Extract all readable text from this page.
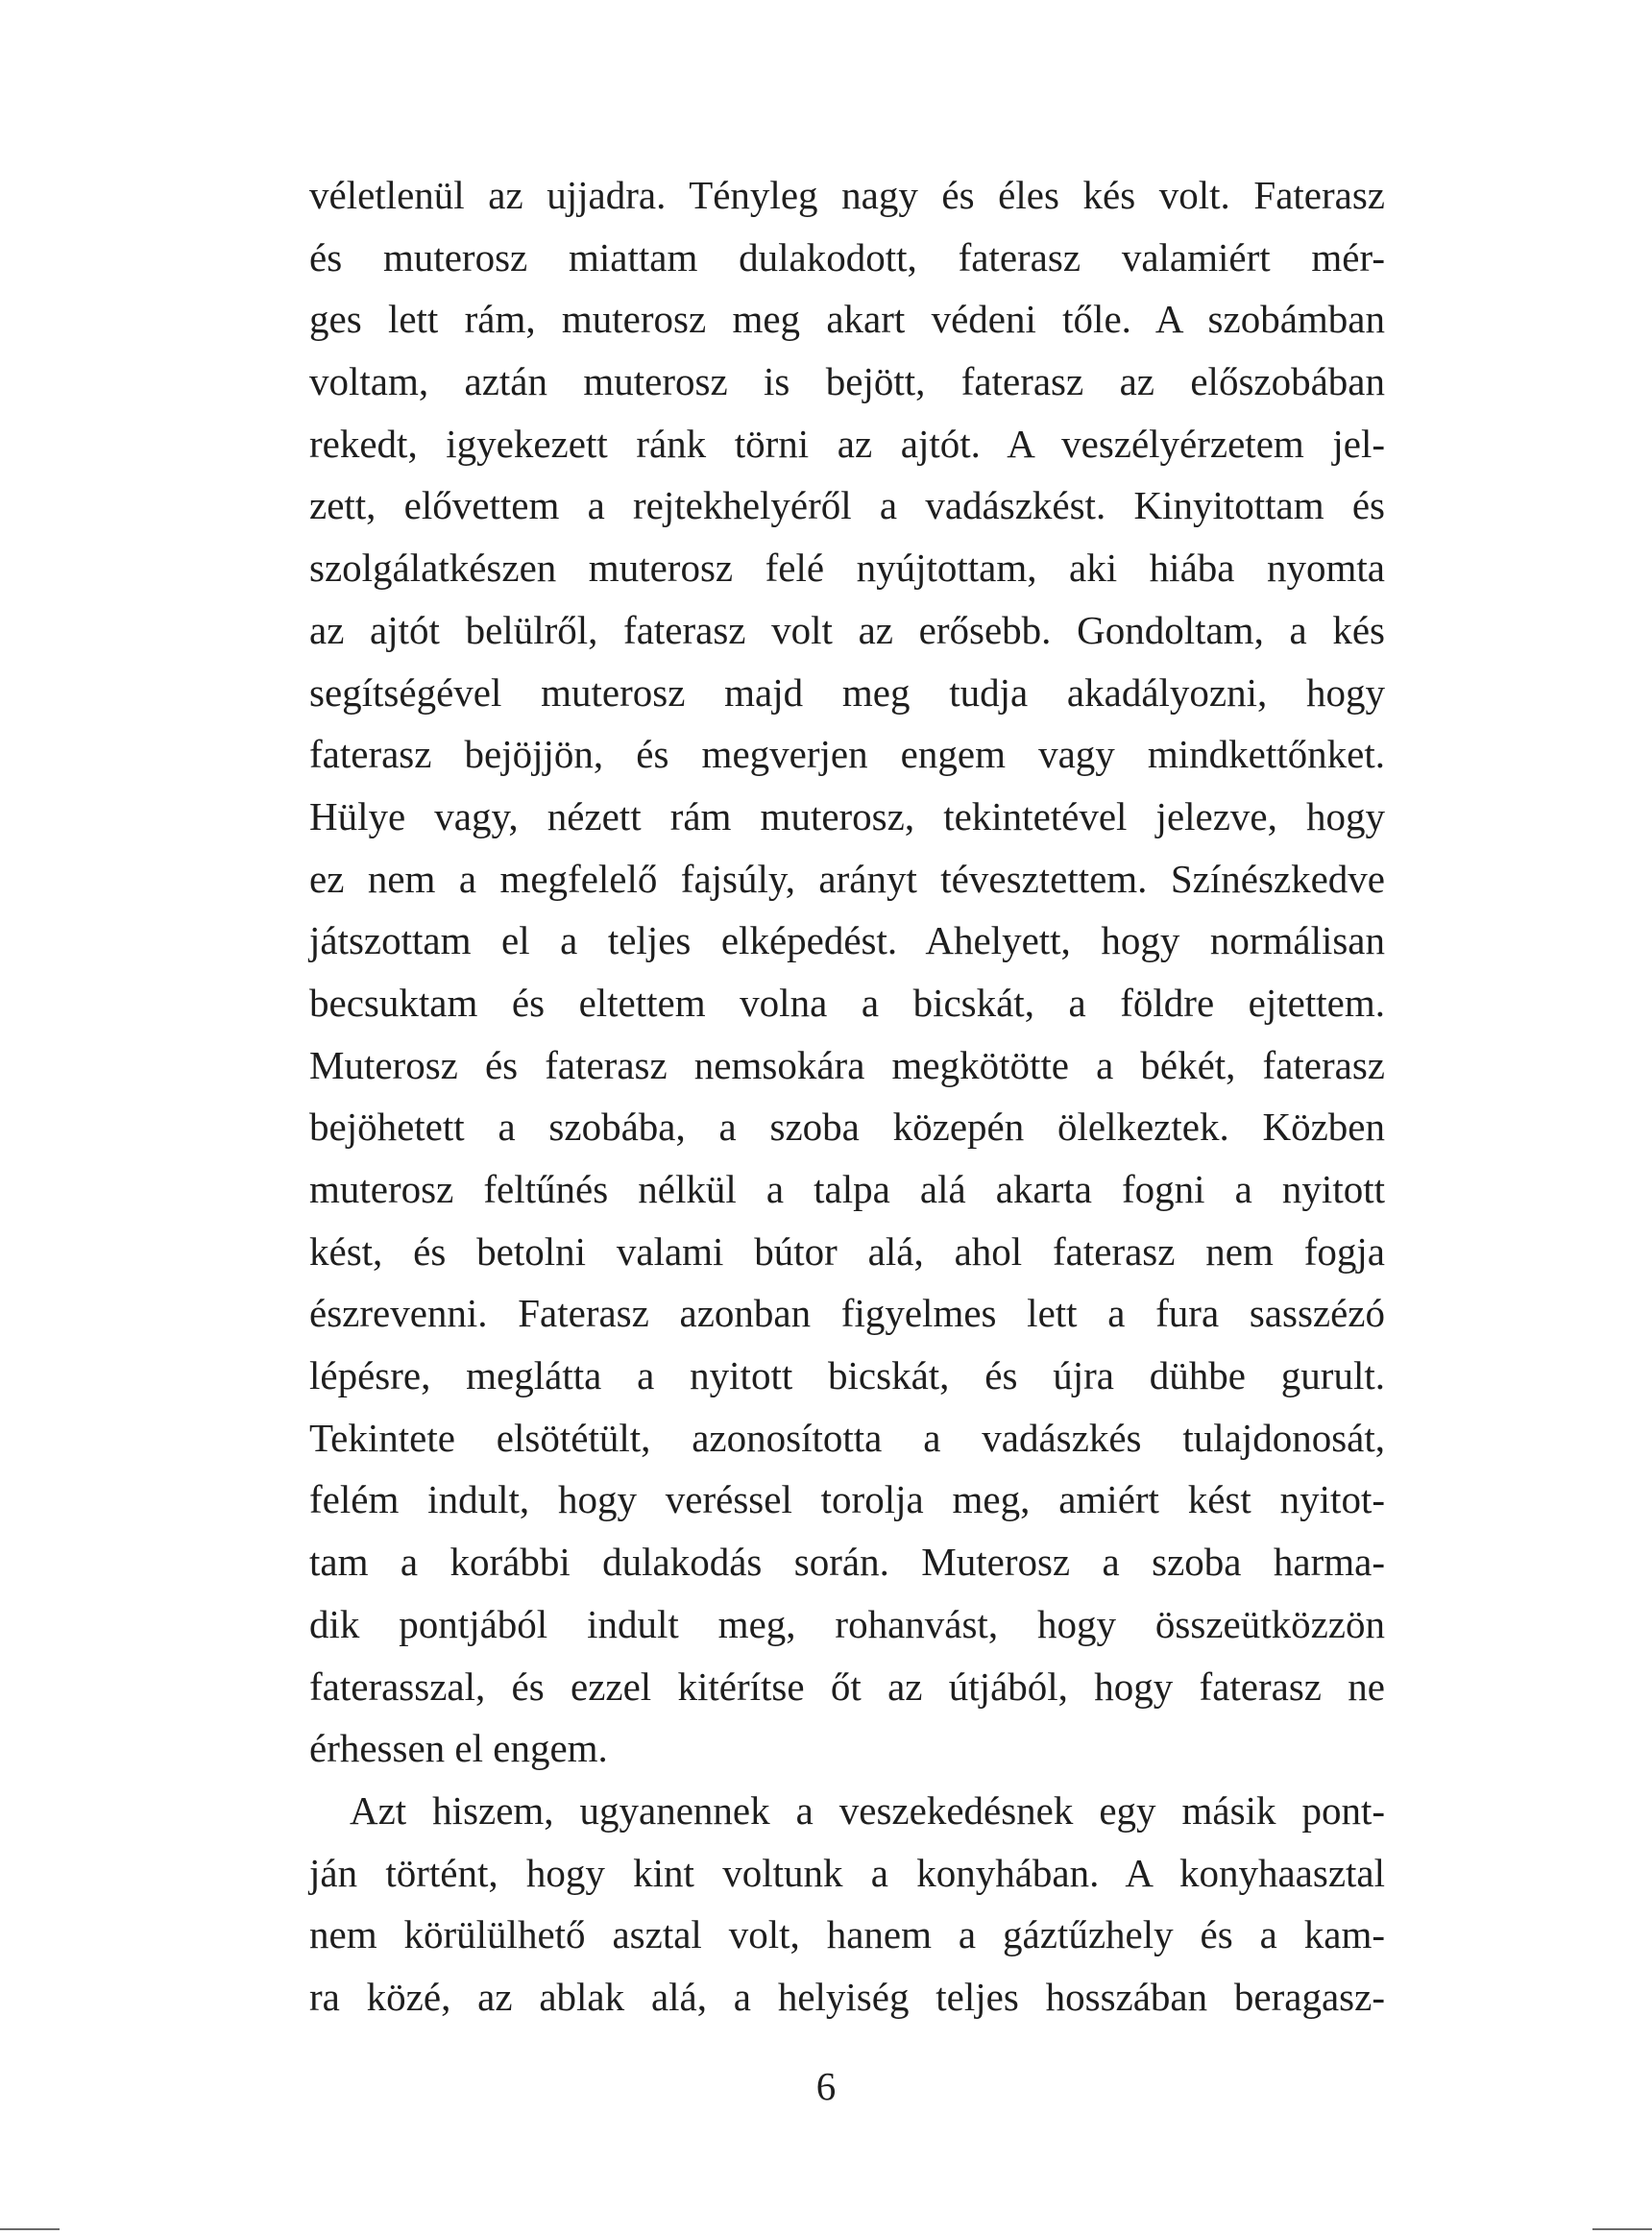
véletlenül az ujjadra. Tényleg nagy és éles kés volt. Faterasz
és muterosz miattam dulakodott, faterasz valamiért mér-
ges lett rám, muterosz meg akart védeni tőle. A szobámban
voltam, aztán muterosz is bejött, faterasz az előszobában
rekedt, igyekezett ránk törni az ajtót. A veszélyérzetem jel-
zett, elővettem a rejtekhelyéről a vadászkést. Kinyitottam és
szolgálatkészen muterosz felé nyújtottam, aki hiába nyomta
az ajtót belülről, faterasz volt az erősebb. Gondoltam, a kés
segítségével muterosz majd meg tudja akadályozni, hogy
faterasz bejöjjön, és megverjen engem vagy mindkettőnket.
Hülye vagy, nézett rám muterosz, tekintetével jelezve, hogy
ez nem a megfelelő fajsúly, arányt tévesztettem. Színészkedve
játszottam el a teljes elképedést. Ahelyett, hogy normálisan
becsuktam és eltettem volna a bicskát, a földre ejtettem.
Muterosz és faterasz nemsokára megkötötte a békét, faterasz
bejöhetett a szobába, a szoba közepén ölelkeztek. Közben
muterosz feltűnés nélkül a talpa alá akarta fogni a nyitott
kést, és betolni valami bútor alá, ahol faterasz nem fogja
észrevenni. Faterasz azonban figyelmes lett a fura sasszézó
lépésre, meglátta a nyitott bicskát, és újra dühbe gurult.
Tekintete elsötétült, azonosította a vadászkés tulajdonosát,
felém indult, hogy veréssel torolja meg, amiért kést nyitot-
tam a korábbi dulakodás során. Muterosz a szoba harma-
dik pontjából indult meg, rohanvást, hogy összeütközzön
faterasszal, és ezzel kitérítse őt az útjából, hogy faterasz ne
érhessen el engem.
Azt hiszem, ugyanennek a veszekedésnek egy másik pont-
ján történt, hogy kint voltunk a konyhában. A konyhaasztal
nem körülülhető asztal volt, hanem a gáztűzhely és a kam-
ra közé, az ablak alá, a helyiség teljes hosszában beragasz-
6
